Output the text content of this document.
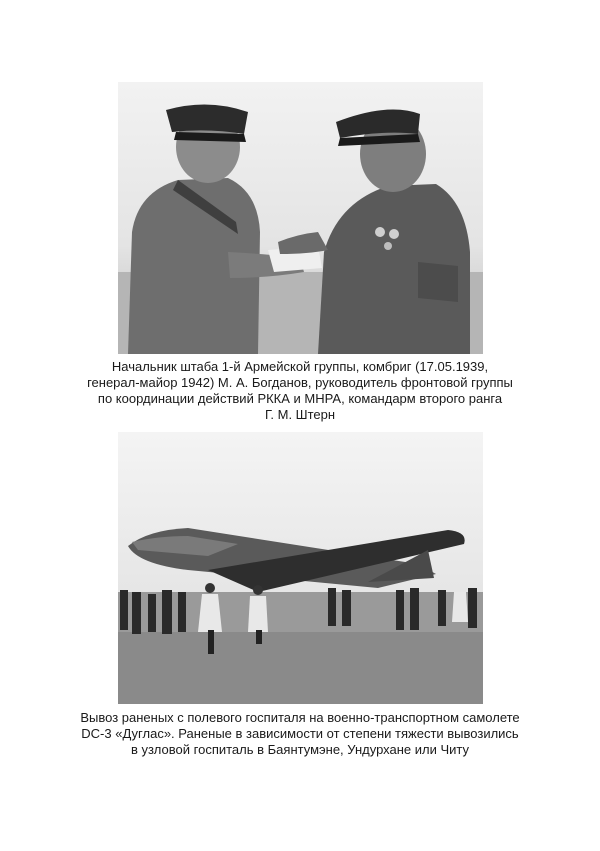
Начальник штаба 1-й Армейской группы, комбриг (17.05.1939,
генерал-майор 1942) М. А. Богданов, руководитель фронтовой группы
по координации действий РККА и МНРА, командарм второго ранга
Г. М. Штерн
Вывоз раненых с полевого госпиталя на военно-транспортном самолете
DC-3 «Дуглас». Раненые в зависимости от степени тяжести вывозились
в узловой госпиталь в Баянтумэне, Ундурхане или Читу
